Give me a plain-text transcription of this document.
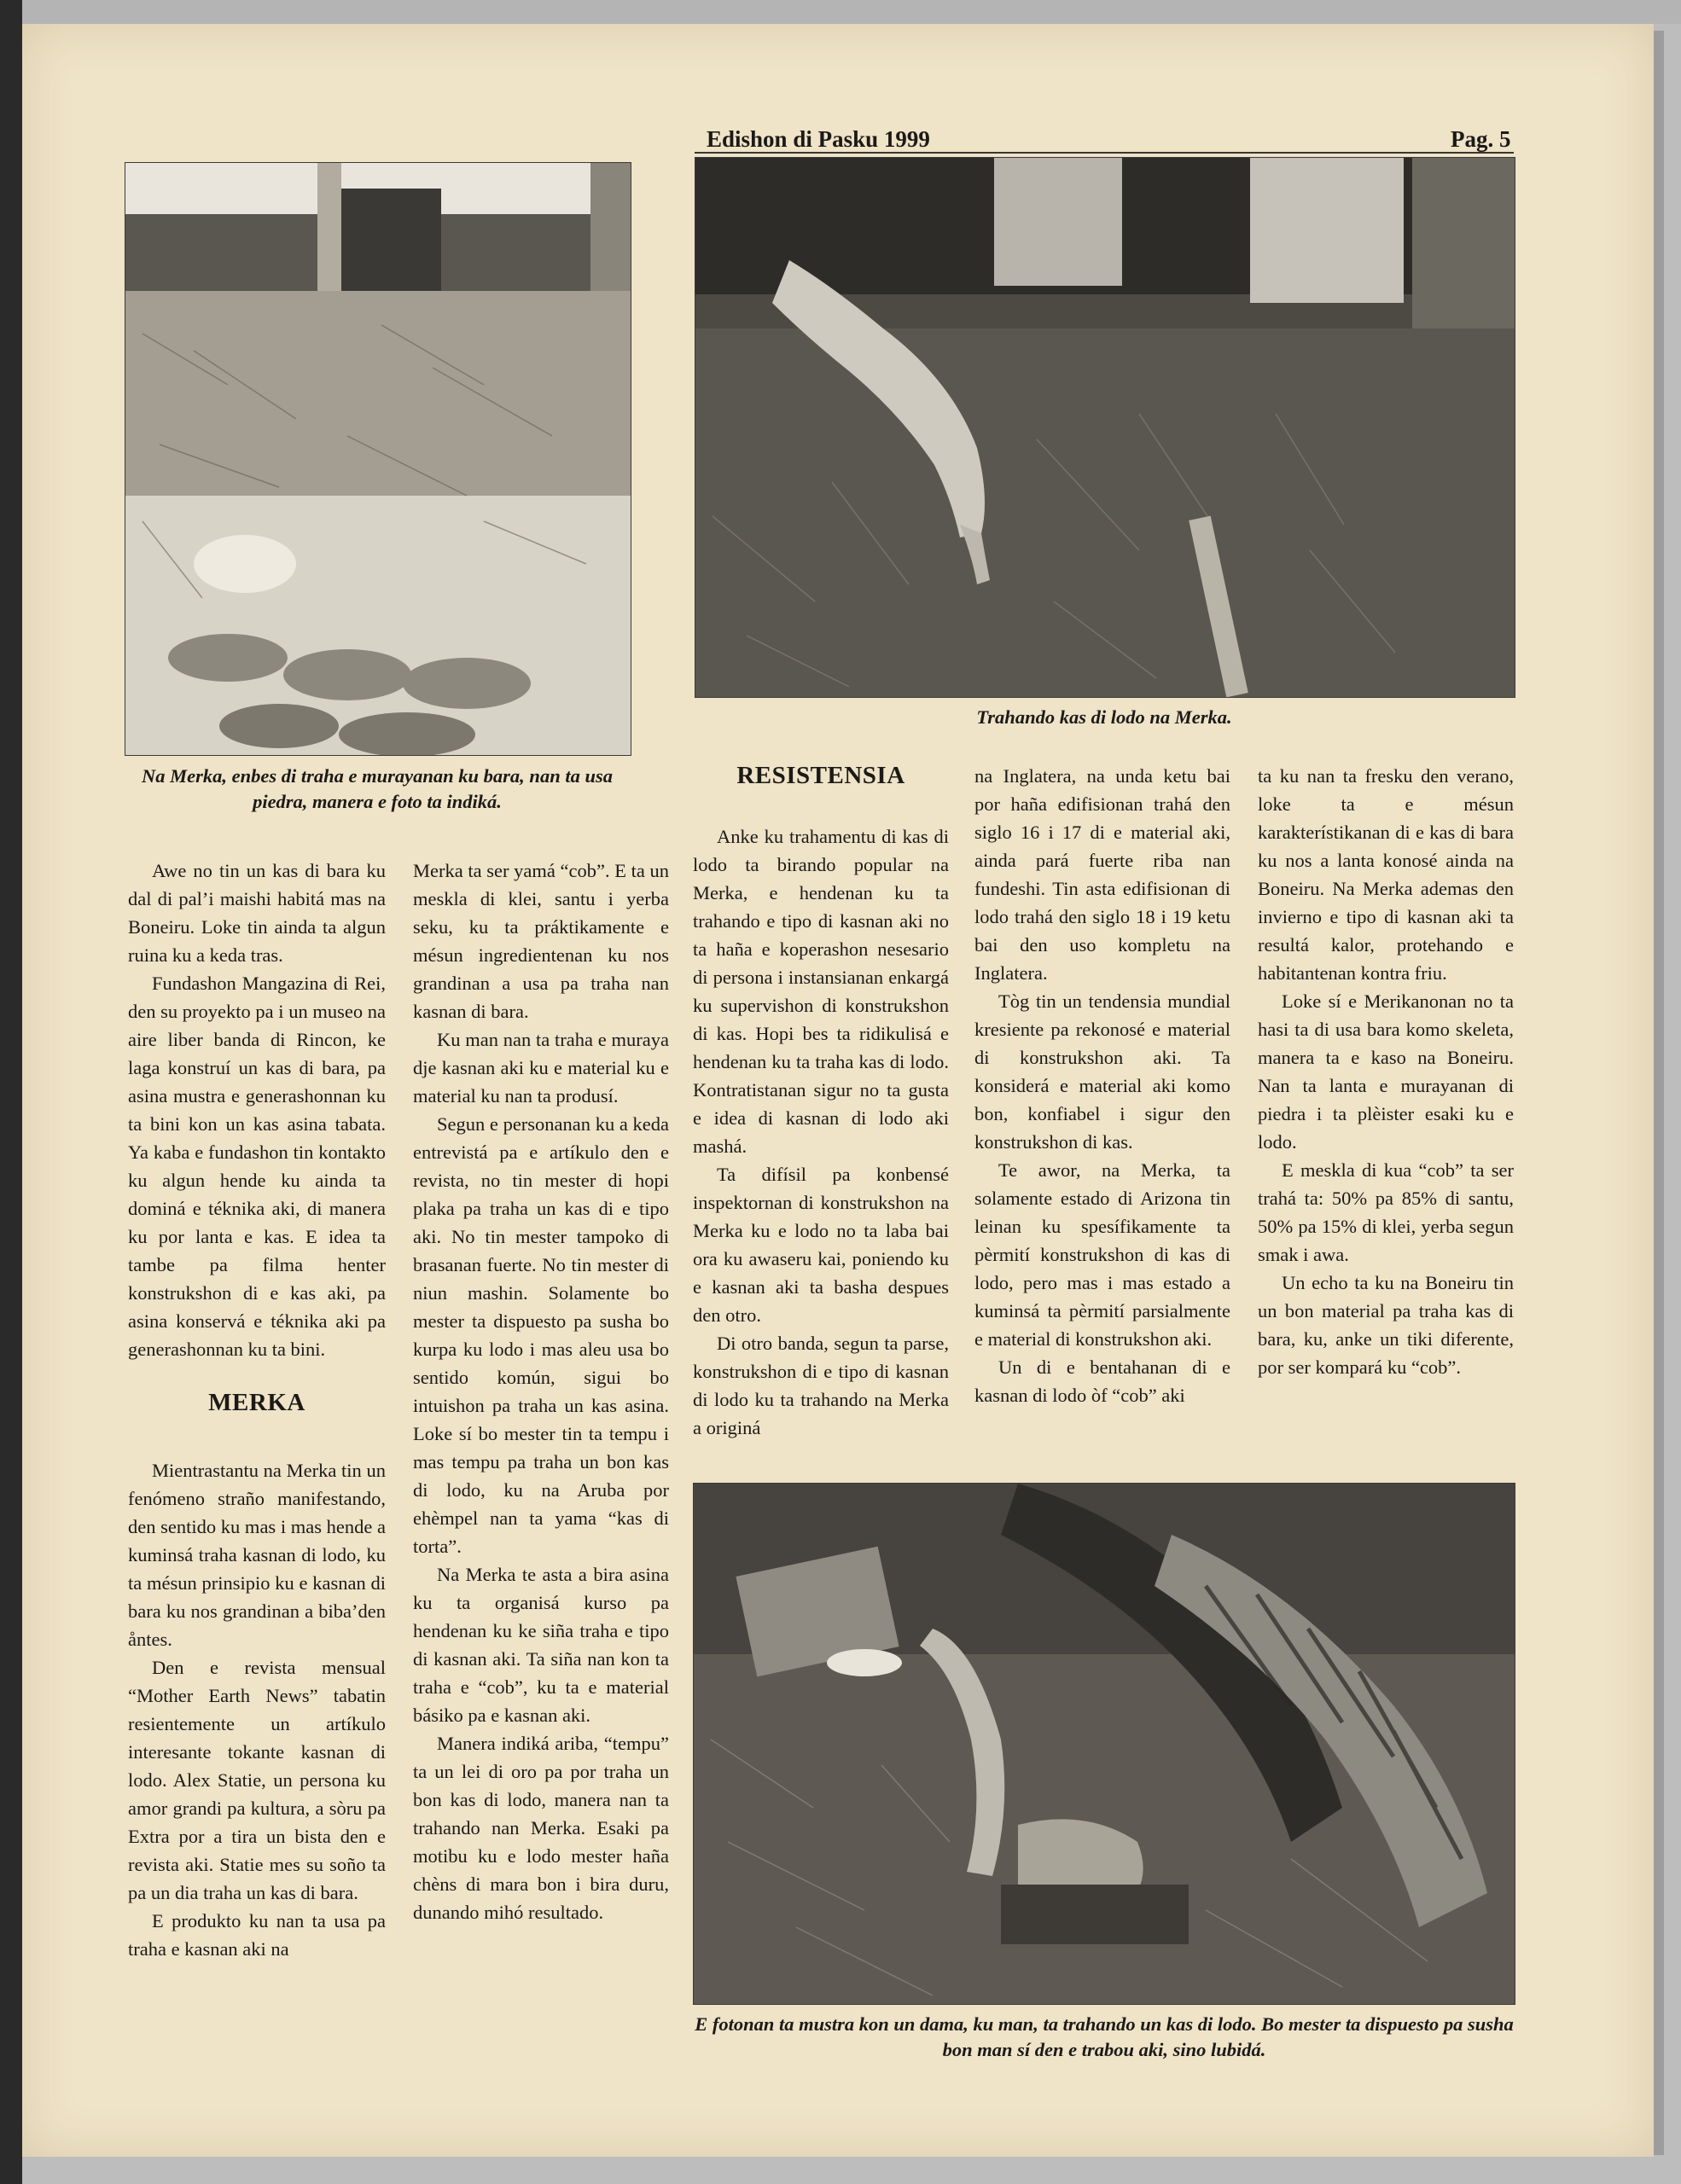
Edishon di Pasku 1999	Pag. 5
Na Merka, enbes di traha e murayanan ku bara, nan ta usa piedra, manera e foto ta indiká.
Trahando kas di lodo na Merka.

Awe no tin un kas di bara ku dal di pal’i maishi habitá mas na Boneiru. Loke tin ainda ta algun ruina ku a keda tras.

Fundashon Mangazina di Rei, den su proyekto pa i un museo na aire liber banda di Rincon, ke laga konstruí un kas di bara, pa asina mustra e generashonnan ku ta bini kon un kas asina tabata. Ya kaba e fundashon tin kontakto ku algun hende ku ainda ta dominá e téknika aki, di manera ku por lanta e kas. E idea ta tambe pa filma henter konstrukshon di e kas aki, pa asina konservá e téknika aki pa generashonnan ku ta bini.

MERKA

Mientrastantu na Merka tin un fenómeno straño manifestando, den sentido ku mas i mas hende a kuminsá traha kasnan di lodo, ku ta mésun prinsipio ku e kasnan di bara ku nos grandinan a biba’den åntes.

Den e revista mensual “Mother Earth News” tabatin resientemente un artíkulo interesante tokante kasnan di lodo. Alex Statie, un persona ku amor grandi pa kultura, a sòru pa Extra por a tira un bista den e revista aki. Statie mes su soño ta pa un dia traha un kas di bara.

E produkto ku nan ta usa pa traha e kasnan aki na

Merka ta ser yamá “cob”. E ta un meskla di klei, santu i yerba seku, ku ta práktikamente e mésun ingredientenan ku nos grandinan a usa pa traha nan kasnan di bara.

Ku man nan ta traha e muraya dje kasnan aki ku e material ku e material ku nan ta produsí.

Segun e personanan ku a keda entrevistá pa e artíkulo den e revista, no tin mester di hopi plaka pa traha un kas di e tipo aki. No tin mester tampoko di brasanan fuerte. No tin mester di niun mashin. Solamente bo mester ta dispuesto pa susha bo kurpa ku lodo i mas aleu usa bo sentido komún, sigui bo intuishon pa traha un kas asina. Loke sí bo mester tin ta tempu i mas tempu pa traha un bon kas di lodo, ku na Aruba por ehèmpel nan ta yama “kas di torta”.

Na Merka te asta a bira asina ku ta organisá kurso pa hendenan ku ke siña traha e tipo di kasnan aki. Ta siña nan kon ta traha e “cob”, ku ta e material básiko pa e kasnan aki.

Manera indiká ariba, “tempu” ta un lei di oro pa por traha un bon kas di lodo, manera nan ta trahando nan Merka. Esaki pa motibu ku e lodo mester haña chèns di mara bon i bira duru, dunando mihó resultado.

RESISTENSIA

Anke ku trahamentu di kas di lodo ta birando popular na Merka, e hendenan ku ta trahando e tipo di kasnan aki no ta haña e koperashon nesesario di persona i instansianan enkargá ku supervishon di konstrukshon di kas. Hopi bes ta ridikulisá e hendenan ku ta traha kas di lodo. Kontratistanan sigur no ta gusta e idea di kasnan di lodo aki mashá.

Ta difísil pa konbensé inspektornan di konstrukshon na Merka ku e lodo no ta laba bai ora ku awaseru kai, poniendo ku e kasnan aki ta basha despues den otro.

Di otro banda, segun ta parse, konstrukshon di e tipo di kasnan di lodo ku ta trahando na Merka a originá

na Inglatera, na unda ketu bai por haña edifisionan trahá den siglo 16 i 17 di e material aki, ainda pará fuerte riba nan fundeshi. Tin asta edifisionan di lodo trahá den siglo 18 i 19 ketu bai den uso kompletu na Inglatera.

Tòg tin un tendensia mundial kresiente pa rekonosé e material di konstrukshon aki. Ta konsiderá e material aki komo bon, konfiabel i sigur den konstrukshon di kas.

Te awor, na Merka, ta solamente estado di Arizona tin leinan ku spesífikamente ta pèrmití konstrukshon di kas di lodo, pero mas i mas estado a kuminsá ta pèrmití parsialmente e material di konstrukshon aki.

Un di e bentahanan di e kasnan di lodo òf “cob” aki

ta ku nan ta fresku den verano, loke ta e mésun karakterístikanan di e kas di bara ku nos a lanta konosé ainda na Boneiru. Na Merka ademas den invierno e tipo di kasnan aki ta resultá kalor, protehando e habitantenan kontra friu.

Loke sí e Merikanonan no ta hasi ta di usa bara komo skeleta, manera ta e kaso na Boneiru. Nan ta lanta e murayanan di piedra i ta plèister esaki ku e lodo.

E meskla di kua “cob” ta ser trahá ta: 50% pa 85% di santu, 50% pa 15% di klei, yerba segun smak i awa.

Un echo ta ku na Boneiru tin un bon material pa traha kas di bara, ku, anke un tiki diferente, por ser kompará ku “cob”.

E fotonan ta mustra kon un dama, ku man, ta trahando un kas di lodo. Bo mester ta dispuesto pa susha bon man sí den e trabou aki, sino lubidá.
